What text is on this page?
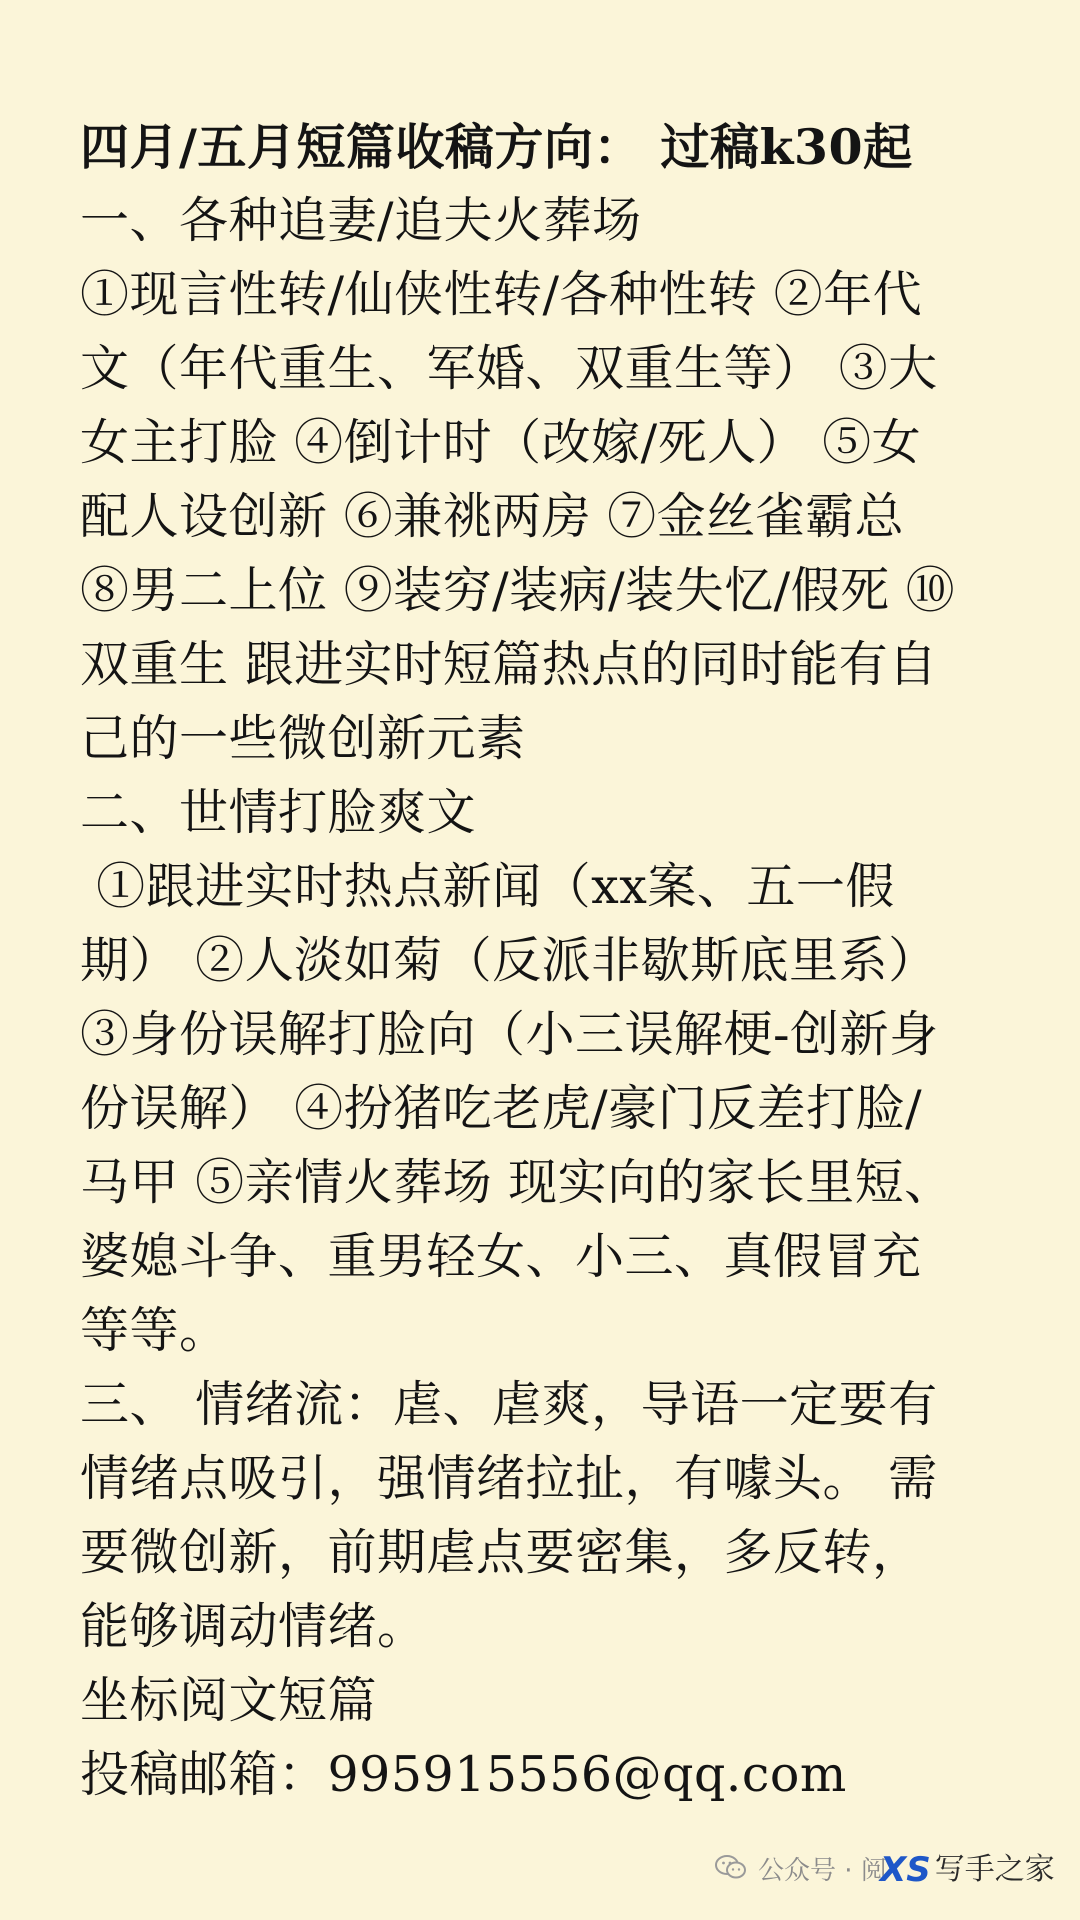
四月/五月短篇收稿方向： 过稿k30起
一、各种追妻/追夫火葬场
①现言性转/仙侠性转/各种性转 ②年代
文（年代重生、军婚、双重生等） ③大
女主打脸 ④倒计时（改嫁/死人） ⑤女
配人设创新 ⑥兼祧两房 ⑦金丝雀霸总
⑧男二上位 ⑨装穷/装病/装失忆/假死 ⑩
双重生 跟进实时短篇热点的同时能有自
己的一些微创新元素
二、世情打脸爽文
①跟进实时热点新闻（xx案、五一假
期） ②人淡如菊（反派非歇斯底里系）
③身份误解打脸向（小三误解梗-创新身
份误解） ④扮猪吃老虎/豪门反差打脸/
马甲 ⑤亲情火葬场 现实向的家长里短、
婆媳斗争、重男轻女、小三、真假冒充
等等。
三、 情绪流：虐、虐爽，导语一定要有
情绪点吸引，强情绪拉扯，有噱头。 需
要微创新，前期虐点要密集，多反转，
能够调动情绪。
坐标阅文短篇
投稿邮箱：995915556@qq.com
公众号 · 阅
XS 写手之家
